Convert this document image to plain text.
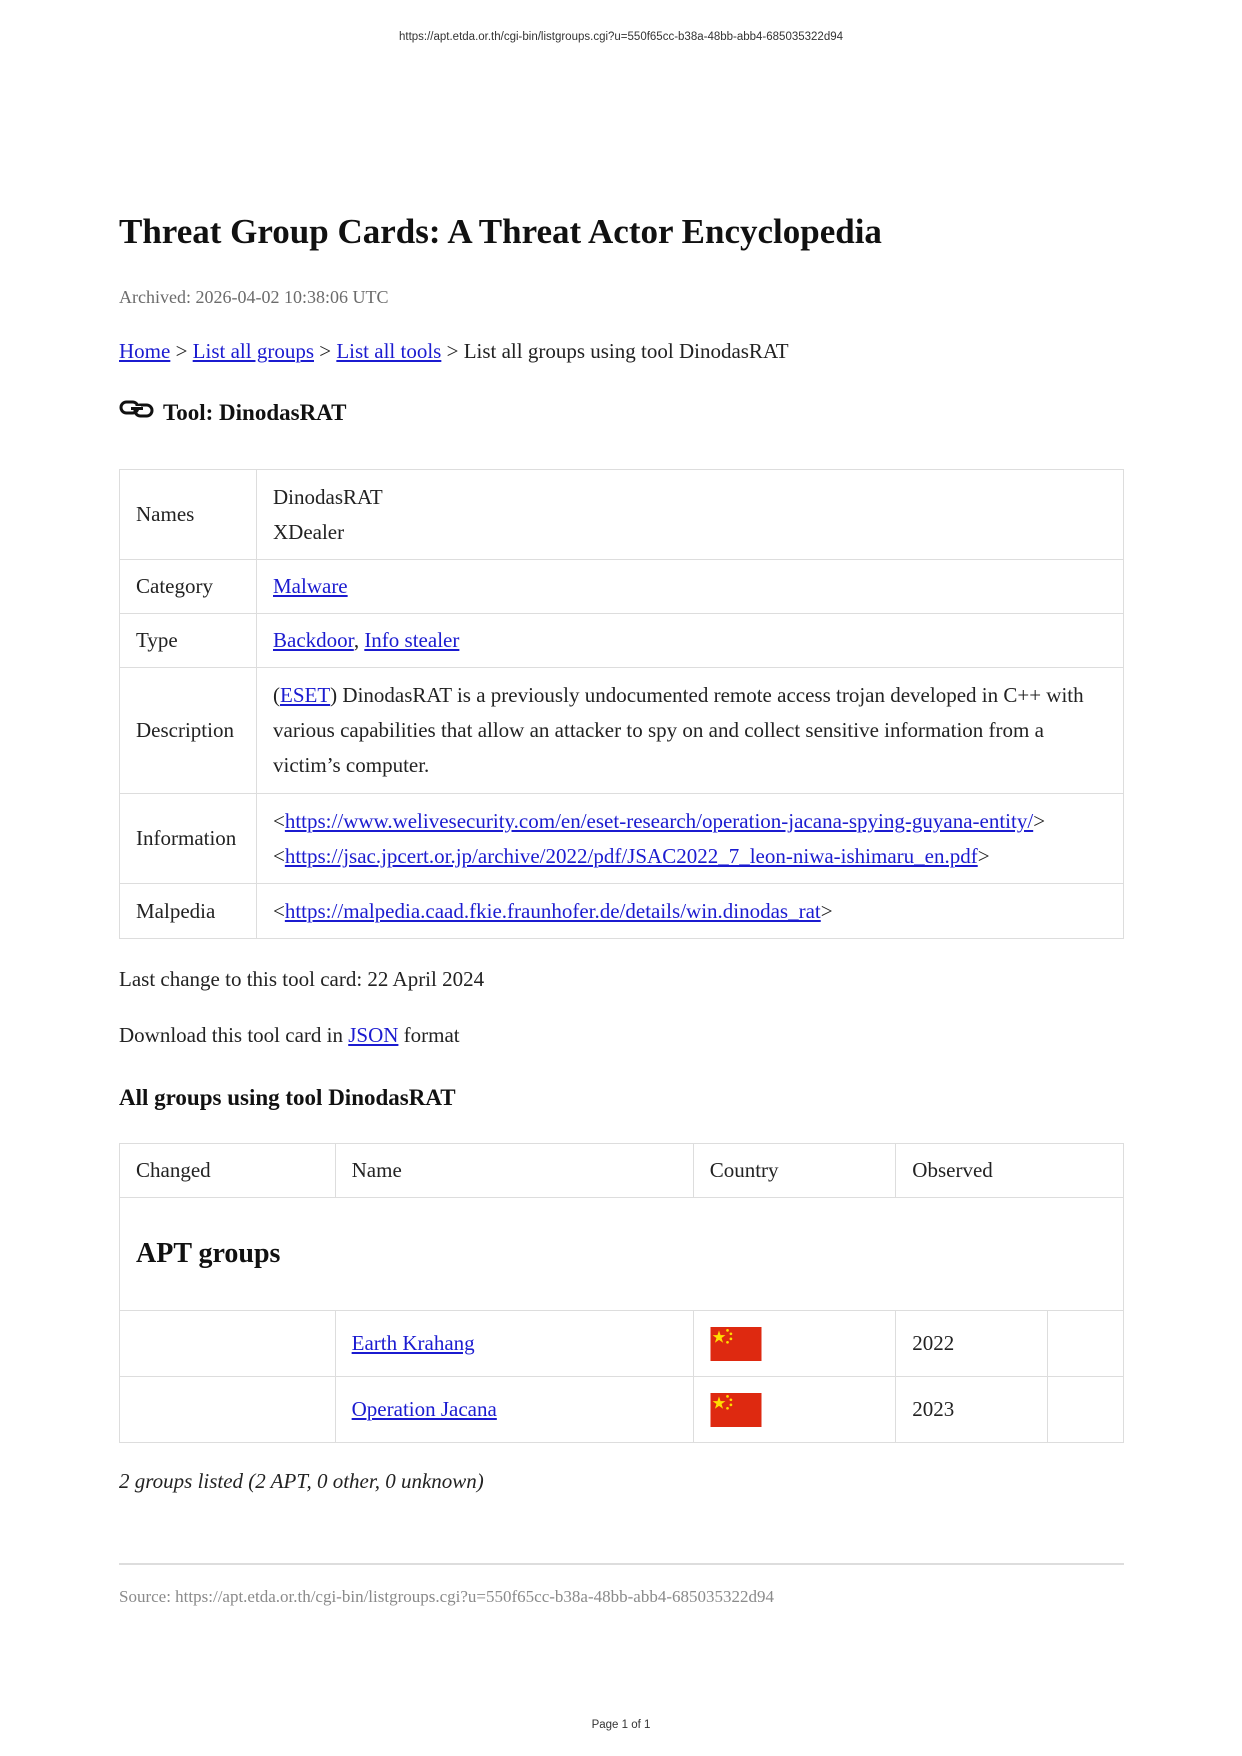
https://apt.etda.or.th/cgi-bin/listgroups.cgi?u=550f65cc-b38a-48bb-abb4-685035322d94
Threat Group Cards: A Threat Actor Encyclopedia
Archived: 2026-04-02 10:38:06 UTC
Home > List all groups > List all tools > List all groups using tool DinodasRAT
Tool: DinodasRAT
Names	DinodasRAT
XDealer

Category	Malware
Type	Backdoor, Info stealer
Description	(ESET) DinodasRAT is a previously undocumented remote access trojan developed in C++ with various capabilities that allow an attacker to spy on and collect sensitive information from a victim’s computer.
Information	<https://www.welivesecurity.com/en/eset-research/operation-jacana-spying-guyana-entity/>
<https://jsac.jpcert.or.jp/archive/2022/pdf/JSAC2022_7_leon-niwa-ishimaru_en.pdf>

Malpedia	<https://malpedia.caad.fkie.fraunhofer.de/details/win.dinodas_rat>
Last change to this tool card: 22 April 2024
Download this tool card in JSON format
All groups using tool DinodasRAT
Changed	Name	Country	Observed	
APT groups				
	Earth Krahang		2022	
	Operation Jacana		2023	
2 groups listed (2 APT, 0 other, 0 unknown)
Source: https://apt.etda.or.th/cgi-bin/listgroups.cgi?u=550f65cc-b38a-48bb-abb4-685035322d94
Page 1 of 1
